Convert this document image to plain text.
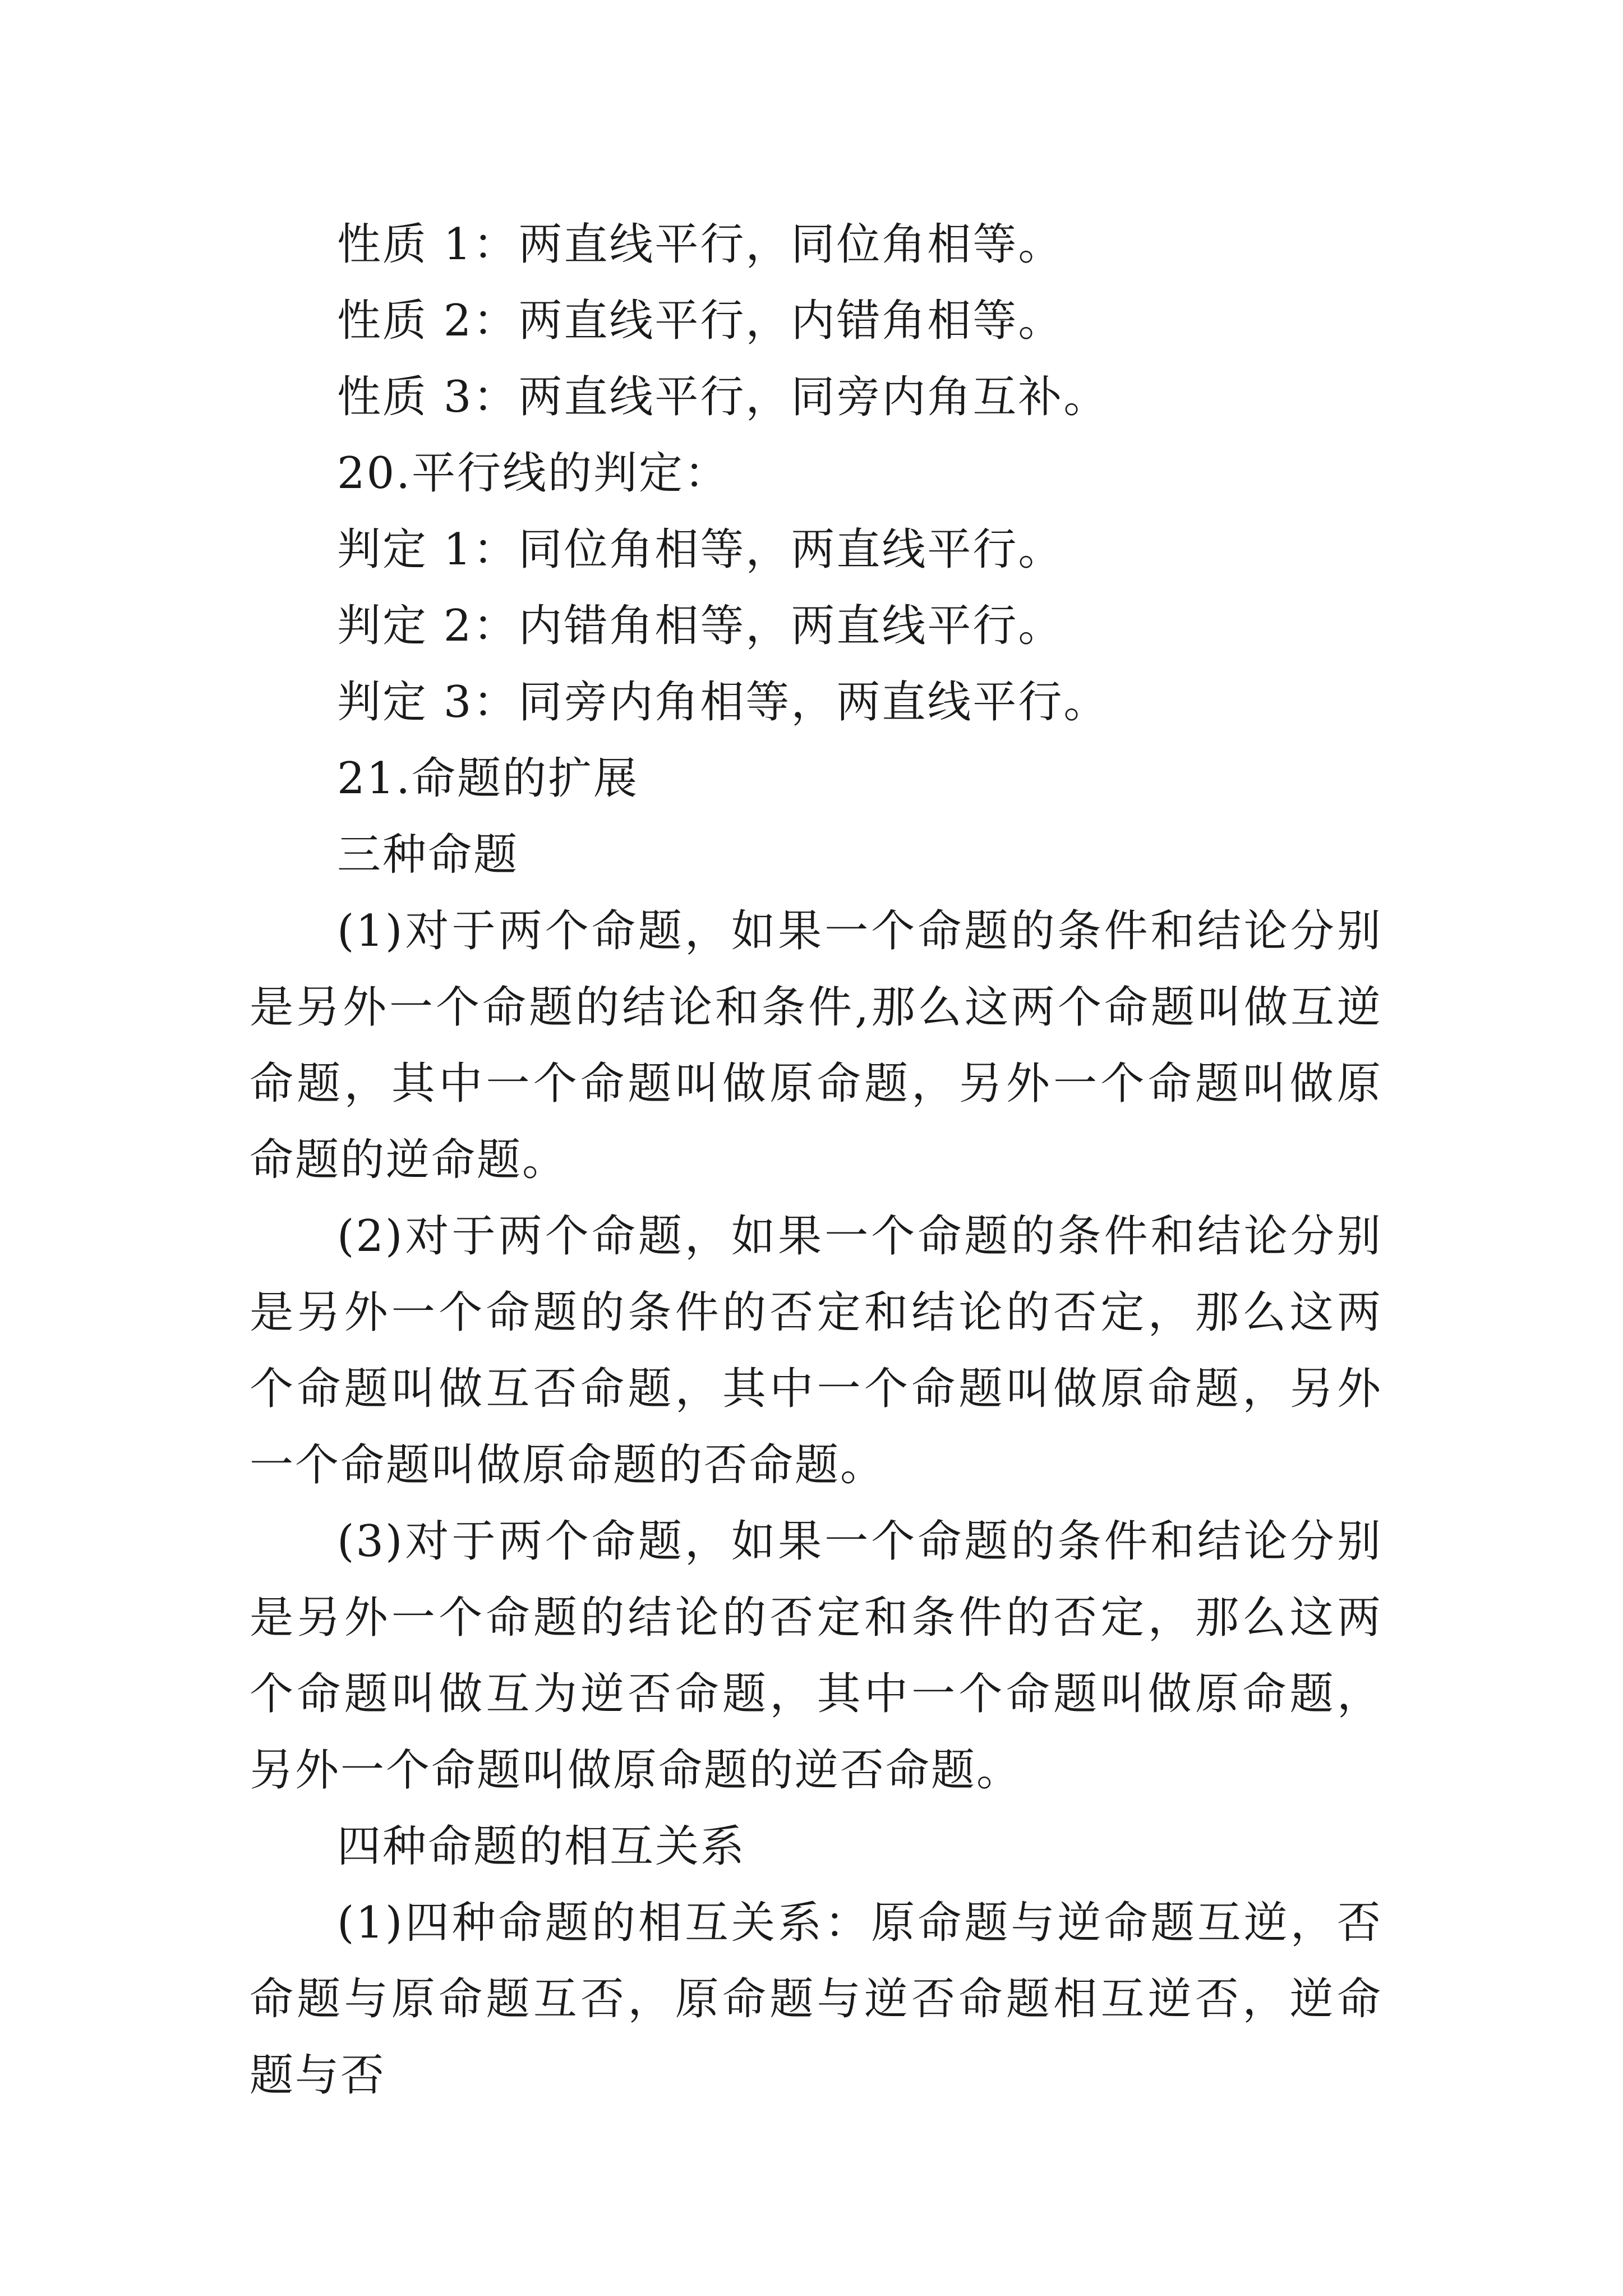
性质 1：两直线平行，同位角相等。

性质 2：两直线平行，内错角相等。

性质 3：两直线平行，同旁内角互补。

20.平行线的判定：

判定 1：同位角相等，两直线平行。

判定 2：内错角相等，两直线平行。

判定 3：同旁内角相等，两直线平行。

21.命题的扩展

三种命题

(1)对于两个命题，如果一个命题的条件和结论分别是另外一个命题的结论和条件,那么这两个命题叫做互逆命题，其中一个命题叫做原命题，另外一个命题叫做原命题的逆命题。

(2)对于两个命题，如果一个命题的条件和结论分别是另外一个命题的条件的否定和结论的否定，那么这两个命题叫做互否命题，其中一个命题叫做原命题，另外一个命题叫做原命题的否命题。

(3)对于两个命题，如果一个命题的条件和结论分别是另外一个命题的结论的否定和条件的否定，那么这两个命题叫做互为逆否命题，其中一个命题叫做原命题，另外一个命题叫做原命题的逆否命题。

四种命题的相互关系

(1)四种命题的相互关系：原命题与逆命题互逆，否命题与原命题互否，原命题与逆否命题相互逆否，逆命题与否
